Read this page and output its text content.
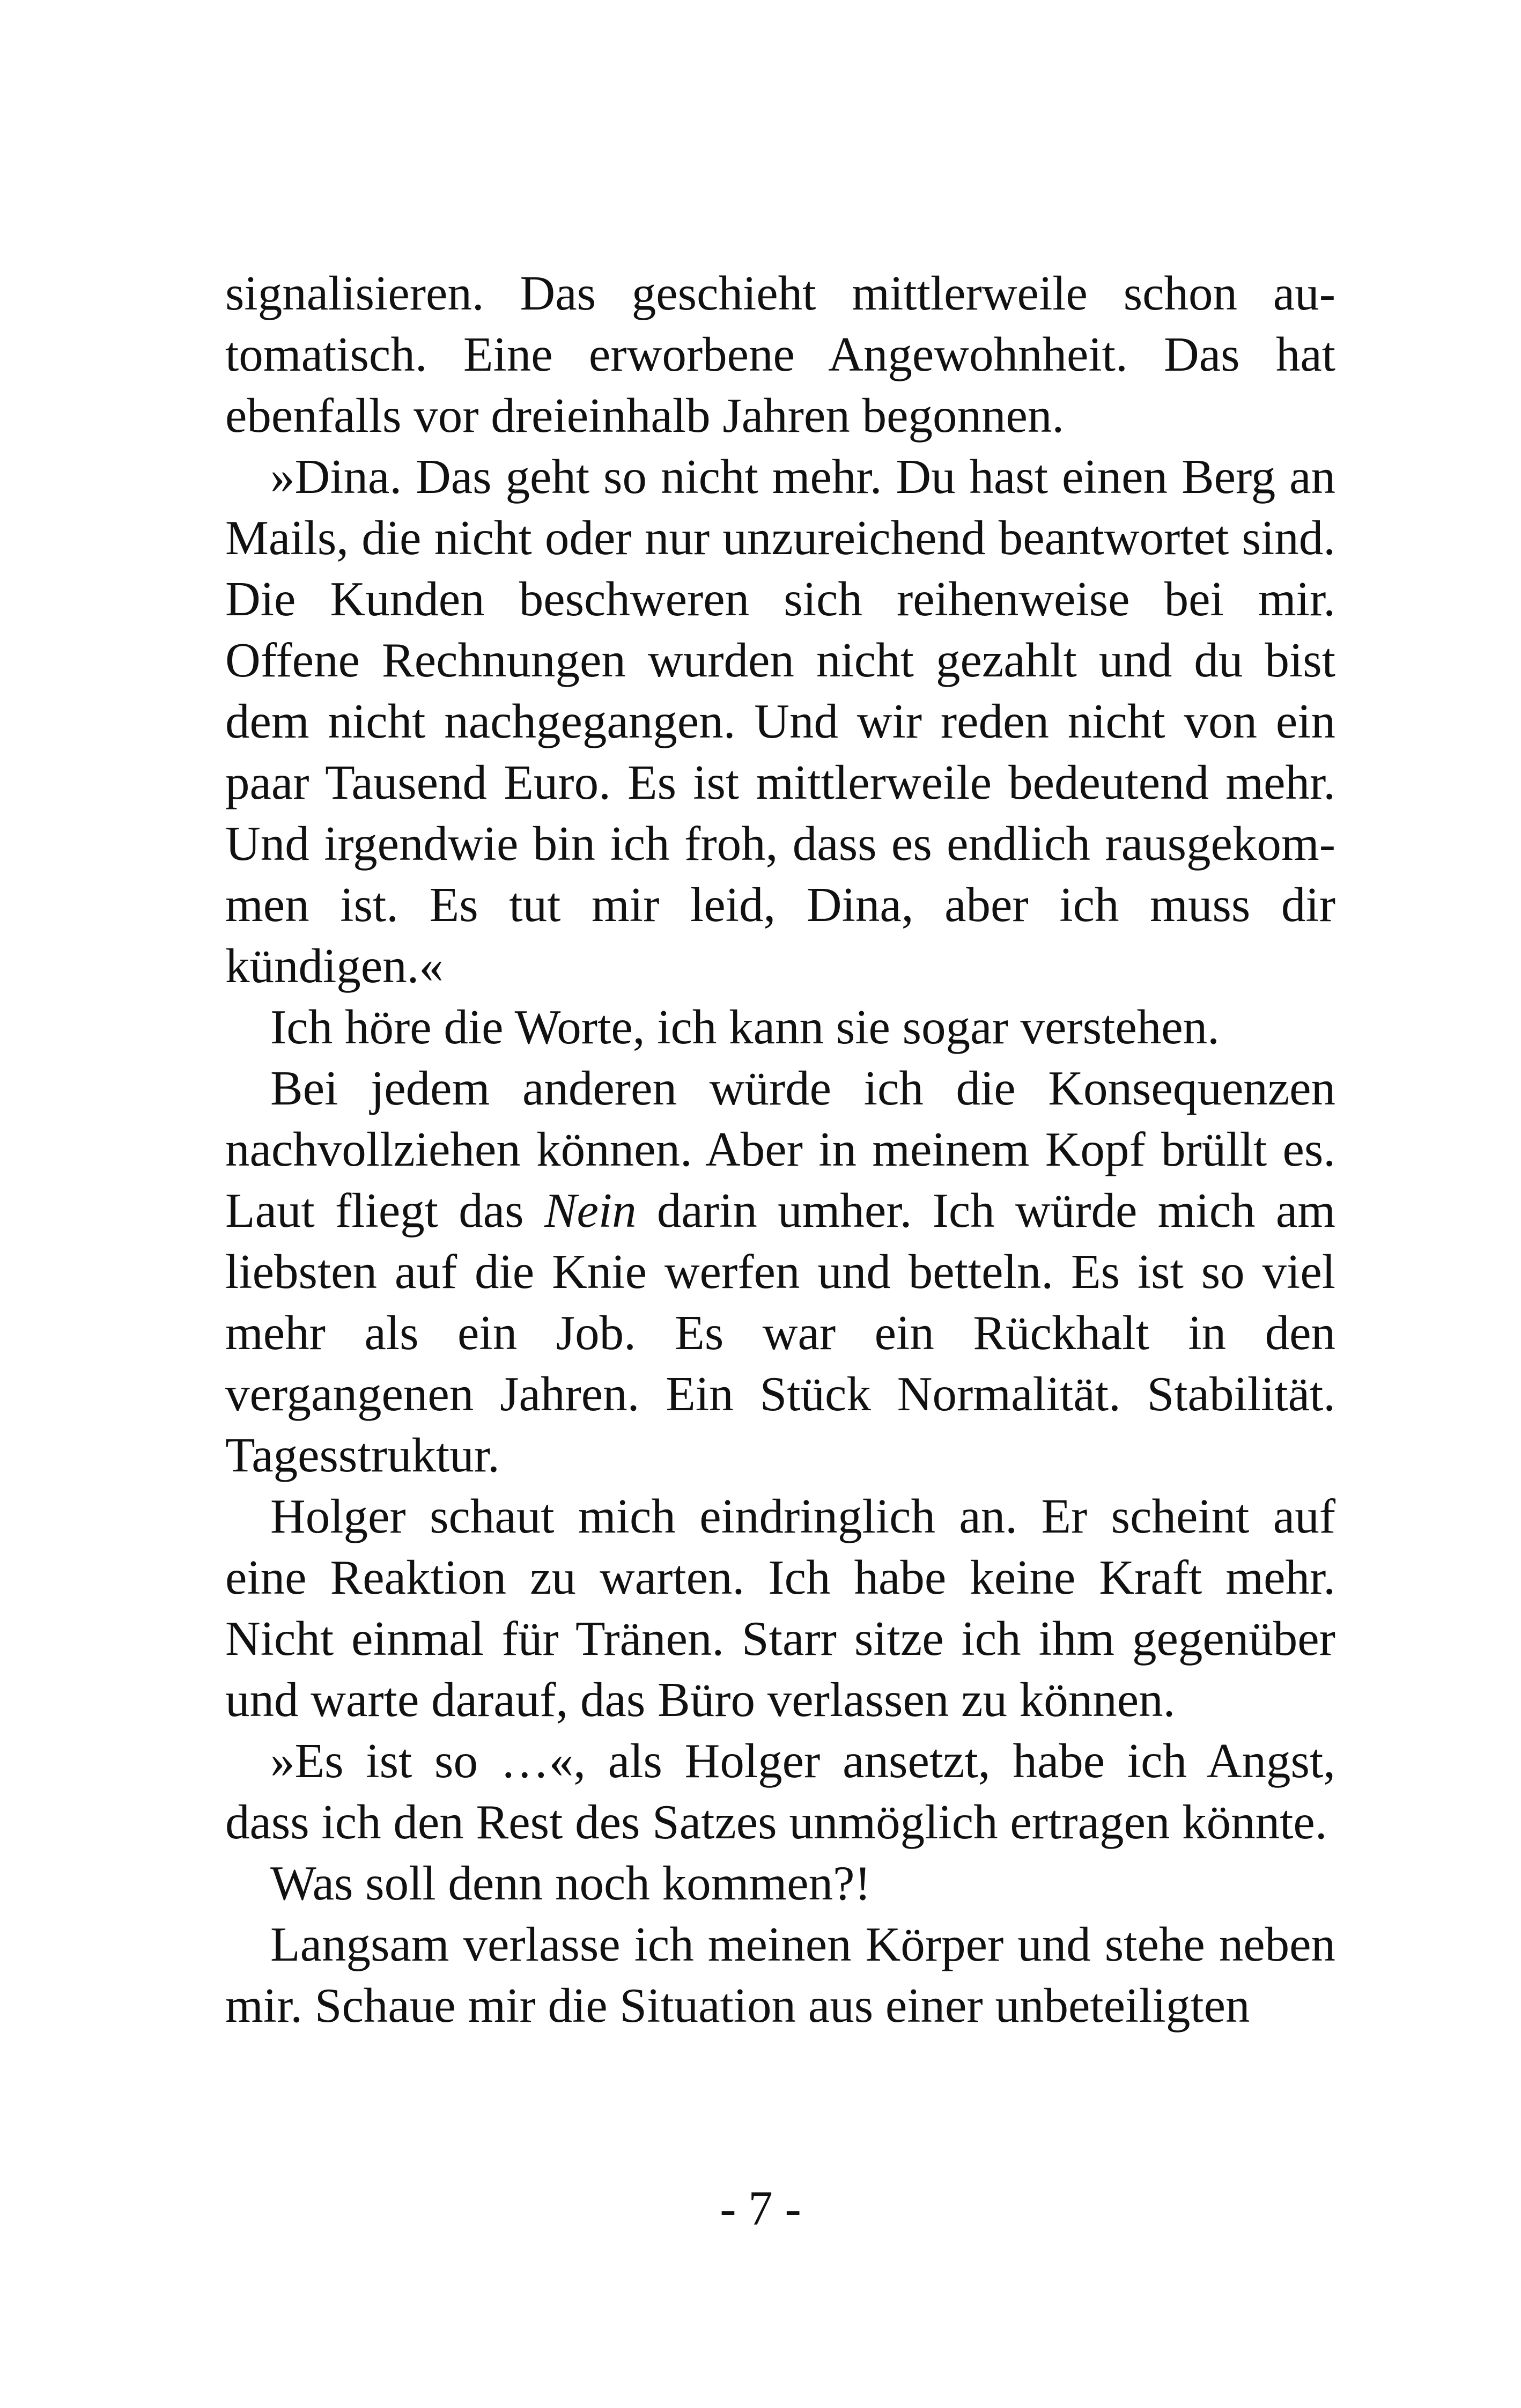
signalisieren. Das geschieht mittlerweile schon automatisch. Eine erworbene Angewohnheit. Das hat ebenfalls vor dreieinhalb Jahren begonnen.

»Dina. Das geht so nicht mehr. Du hast einen Berg an Mails, die nicht oder nur unzureichend beantwortet sind. Die Kunden beschweren sich reihenweise bei mir. Offene Rechnungen wurden nicht gezahlt und du bist dem nicht nachgegangen. Und wir reden nicht von ein paar Tausend Euro. Es ist mittlerweile bedeutend mehr. Und irgendwie bin ich froh, dass es endlich rausgekommen ist. Es tut mir leid, Dina, aber ich muss dir kündigen.«

Ich höre die Worte, ich kann sie sogar verstehen.

Bei jedem anderen würde ich die Konsequenzen nachvollziehen können. Aber in meinem Kopf brüllt es. Laut fliegt das Nein darin umher. Ich würde mich am liebsten auf die Knie werfen und betteln. Es ist so viel mehr als ein Job. Es war ein Rückhalt in den vergangenen Jahren. Ein Stück Normalität. Stabilität. Tagesstruktur.

Holger schaut mich eindringlich an. Er scheint auf eine Reaktion zu warten. Ich habe keine Kraft mehr. Nicht einmal für Tränen. Starr sitze ich ihm gegenüber und warte darauf, das Büro verlassen zu können.

»Es ist so …«, als Holger ansetzt, habe ich Angst, dass ich den Rest des Satzes unmöglich ertragen könnte.

Was soll denn noch kommen?!

Langsam verlasse ich meinen Körper und stehe neben mir. Schaue mir die Situation aus einer unbeteiligten

- 7 -
